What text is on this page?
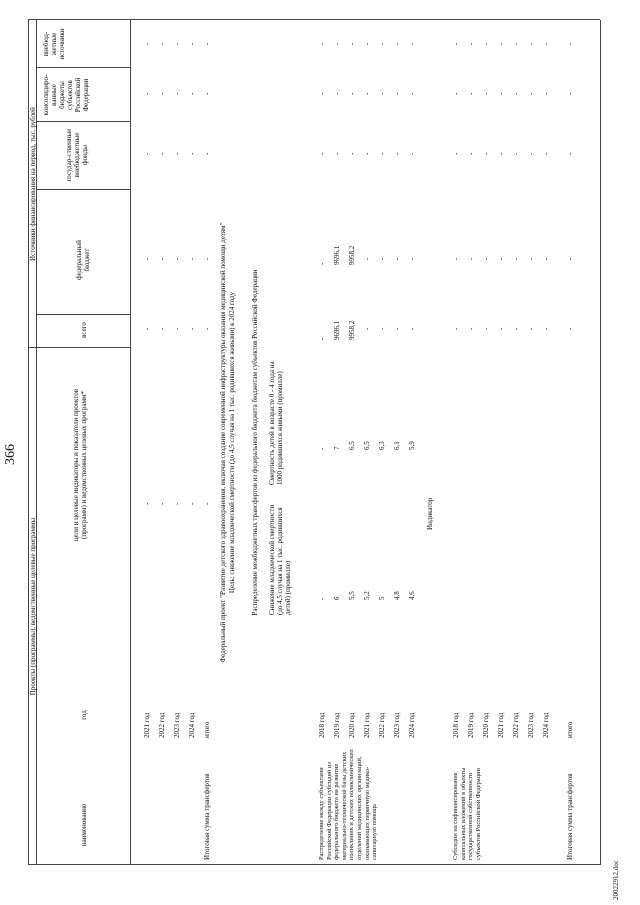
366
20022912.doc
Проекты (программы), ведомственные целевые программы
Источники финансирования на период, тыс. рублей
наименование
год
цели и целевые индикаторы и показатели проектов (программ) и ведомственных целевых программ*
всего
федеральный бюджет
государ-ственные внебюджетные фонды
консолидиро-ванные бюджеты субъектов Российской Федерации
внебюд-жетные источники
2021 год 2022 год 2023 год 2024 год
- - - -
- - - -
- - - -
- - - -
- - - -
- - - -
Итоговая сумма трансфертов
итого
-
-
-
-
-
-
Федеральный проект "Развитие детского здравоохранения, включая создание современной инфраструктуры оказания медицинской помощи детям" Цель: снижение младенческой смертности (до 4,5 случая на 1 тыс. родившихся живыми) к 2024 году Распределение межбюджетных трансфертов из федерального бюджета бюджетам субъектов Российской Федерации Снижение младенческой смертности (до 4,5 случая на 1 тыс. родившихся детей) (промилле)
Смертность детей в возрасте 0 - 4 года на 1000 родившихся живыми (промилле)
Распределение между субъектами Российской Федерации субсидий из федерального бюджета на развитие материально-технической базы детских поликлиник и детских поликлинических отделений медицинских организаций, оказывающих первичную медико-санитарную помощь
2018 год 2019 год 2020 год 2021 год 2022 год 2023 год 2024 год
- 6 5,5 5,2 5 4,8 4,6
- 7 6,5 6,5 6,3 6,1 5,9
- 9696,1 9958,2 - - - -
- 9696,1 9958,2 - - - -
- - - - - - -
- - - - - - -
- - - - - - -
Индикатор
Субсидии на софинансирование капитальных вложений в объекты государственной собственности субъектов Российской Федерации
2018 год 2019 год 2020 год 2021 год 2022 год 2023 год 2024 год
- - - - - - -
- - - - - - -
- - - - - - -
- - - - - - -
- - - - - - -
Итоговая сумма трансфертов
итого
-
-
-
-
-
